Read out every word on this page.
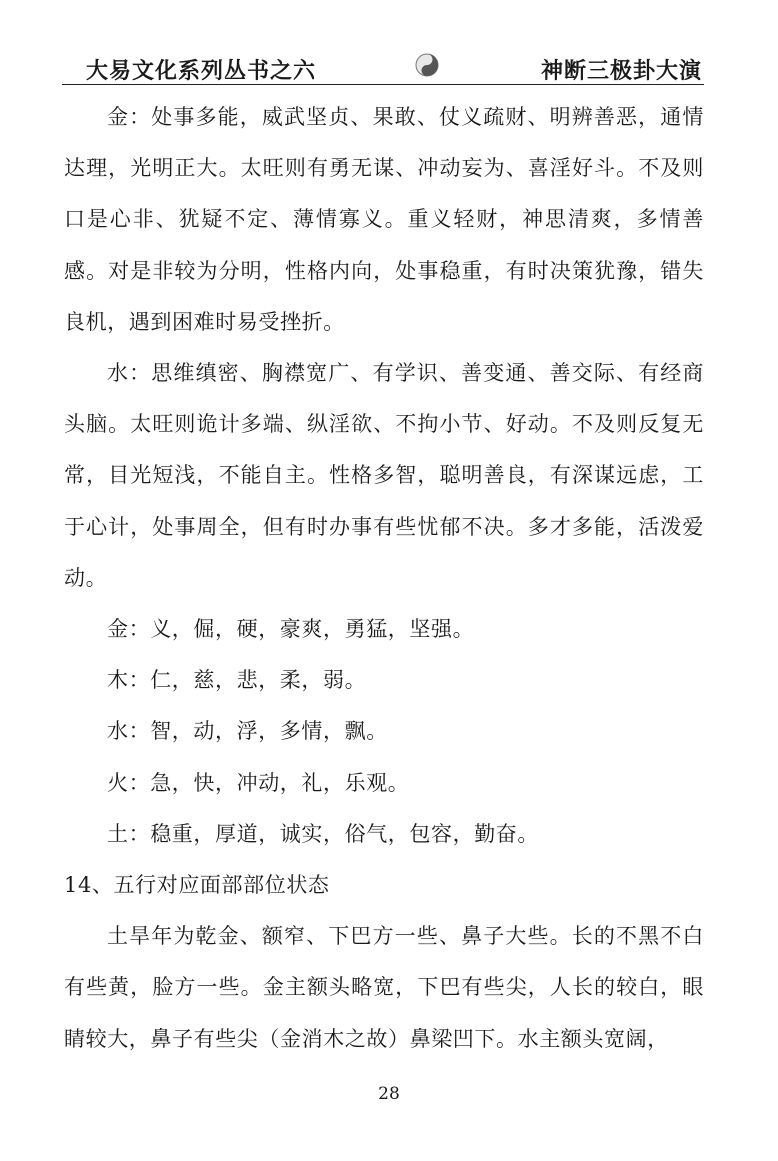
大易文化系列丛书之六	神断三极卦大演

金：处事多能，威武坚贞、果敢、仗义疏财、明辨善恶，通情达理，光明正大。太旺则有勇无谋、冲动妄为、喜淫好斗。不及则口是心非、犹疑不定、薄情寡义。重义轻财，神思清爽，多情善感。对是非较为分明，性格内向，处事稳重，有时决策犹豫，错失良机，遇到困难时易受挫折。

水：思维缜密、胸襟宽广、有学识、善变通、善交际、有经商头脑。太旺则诡计多端、纵淫欲、不拘小节、好动。不及则反复无常，目光短浅，不能自主。性格多智，聪明善良，有深谋远虑，工于心计，处事周全，但有时办事有些忧郁不决。多才多能，活泼爱动。

金：义，倔，硬，豪爽，勇猛，坚强。

木：仁，慈，悲，柔，弱。

水：智，动，浮，多情，飘。

火：急，快，冲动，礼，乐观。

土：稳重，厚道，诚实，俗气，包容，勤奋。

14、五行对应面部部位状态

土旱年为乾金、额窄、下巴方一些、鼻子大些。长的不黑不白有些黄，脸方一些。金主额头略宽，下巴有些尖，人长的较白，眼睛较大，鼻子有些尖（金消木之故）鼻梁凹下。水主额头宽阔，

28
